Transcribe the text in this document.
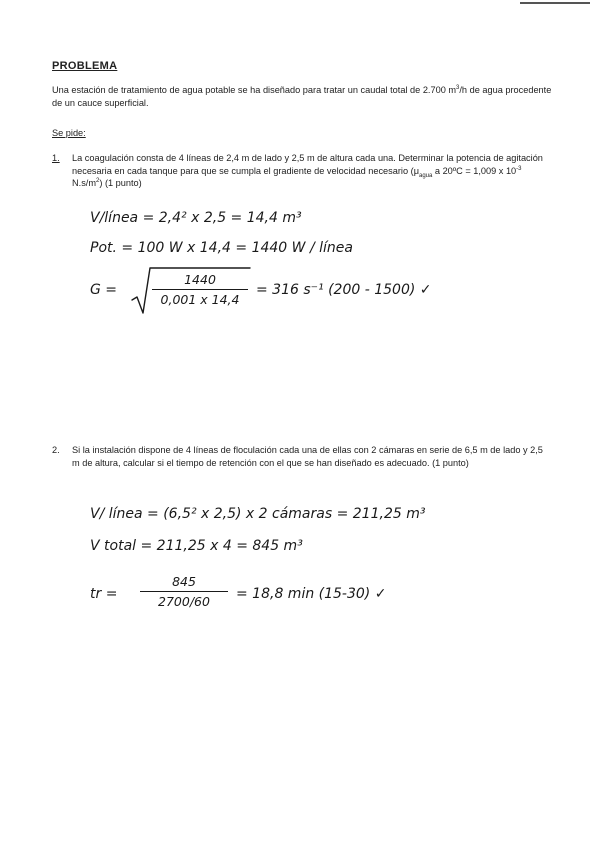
PROBLEMA
Una estación de tratamiento de agua potable se ha diseñado para tratar un caudal total de 2.700 $m^3/h$ de agua procedente de un cauce superficial.
Se pide:
1.	La coagulación consta de 4 líneas de 2,4 m de lado y 2,5 m de altura cada una. Determinar la potencia de agitación necesaria en cada tanque para que se cumpla el gradiente de velocidad necesario ($\mu_{agua}$ a 20ºC = 1,009 x $10^{-3}$ $N.s/m^2$) (1 punto)
V/línea = 2,4² x 2,5 = 14,4 m³
Pot. = 100 W x 14,4 = 1440 W / línea
G =
1440
0,001 x 14,4
= 316 s⁻¹ (200 - 1500) ✓
2.	Si la instalación dispone de 4 líneas de floculación cada una de ellas con 2 cámaras en serie de 6,5 m de lado y 2,5 m de altura, calcular si el tiempo de retención con el que se han diseñado es adecuado. (1 punto)
V/ línea = (6,5² x 2,5) x 2 cámaras = 211,25 m³
V total = 211,25 x 4 = 845 m³
tr =
845
2700/60	= 18,8 min (15-30) ✓
